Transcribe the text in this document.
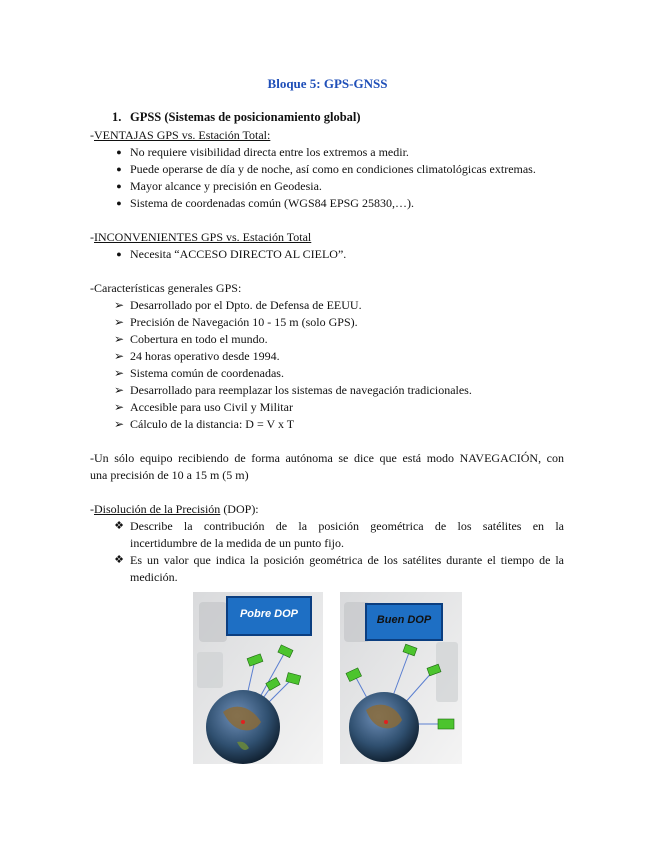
Bloque 5: GPS-GNSS
1. GPSS (Sistemas de posicionamiento global)
-VENTAJAS GPS vs. Estación Total:
● No requiere visibilidad directa entre los extremos a medir.
● Puede operarse de día y de noche, así como en condiciones climatológicas extremas.
● Mayor alcance y precisión en Geodesia.
● Sistema de coordenadas común (WGS84 EPSG 25830,…).
-INCONVENIENTES GPS vs. Estación Total
● Necesita “ACCESO DIRECTO AL CIELO”.
-Características generales GPS:
➢ Desarrollado por el Dpto. de Defensa de EEUU.
➢ Precisión de Navegación 10 - 15 m (solo GPS).
➢ Cobertura en todo el mundo.
➢ 24 horas operativo desde 1994.
➢ Sistema común de coordenadas.
➢ Desarrollado para reemplazar los sistemas de navegación tradicionales.
➢ Accesible para uso Civil y Militar
➢ Cálculo de la distancia: D = V x T
-Un sólo equipo recibiendo de forma autónoma se dice que está modo NAVEGACIÓN, con
una precisión de 10 a 15 m (5 m)
-Disolución de la Precisión (DOP):
❖ Describe la contribución de la posición geométrica de los satélites en la
incertidumbre de la medida de un punto fijo.
❖ Es un valor que indica la posición geométrica de los satélites durante el tiempo de la
medición.
Pobre DOP	Buen DOP
